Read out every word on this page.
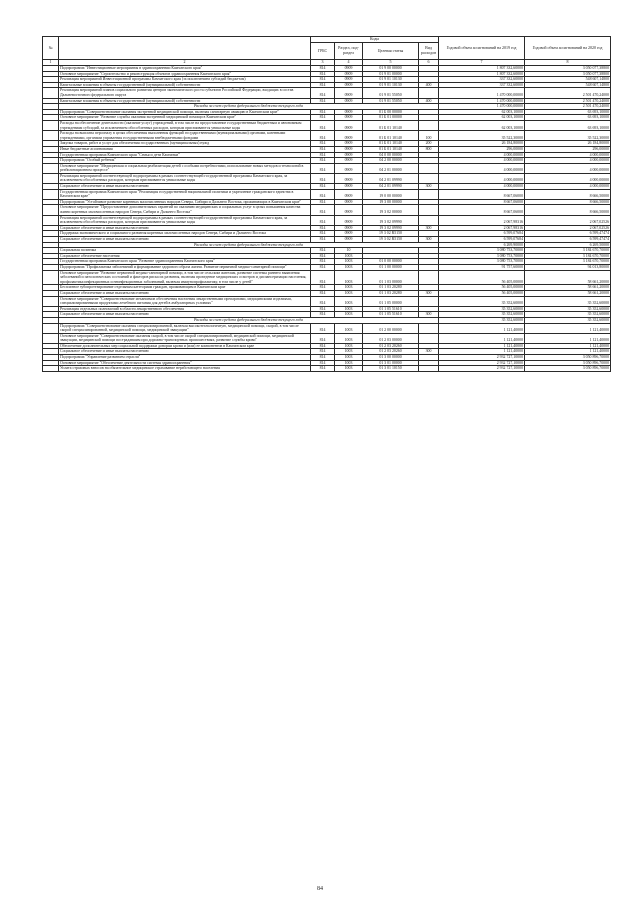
№		Коды				Годовой объем ассигнований на 2019 год	Годовой объем ассигнований на 2020 год
		ГРБС	Раздел, под-раздел	Целевая статья	Вид расходов		
1	2	3	4	5	6	7	8
	Подпрограмма "Инвестиционные мероприятия в здравоохранении Камчатского края"	814	0909	01 9 00 00000		1 807 332,60000	3 050 077,38800
	Основное мероприятие "Строительство и реконструкция объектов здравоохранения Камчатского края"	814	0909	01 9 01 00000		1 807 332,60000	3 050 077,38800
	Реализация мероприятий Инвестиционной программы Камчатского края (за исключением субсидий бюджетам)	814	0909	01 9 01 10130		337 332,60000	548 607,14800
	Капитальные вложения в объекты государственной (муниципальной) собственности	814	0909	01 9 01 10130	400	337 332,60000	548 607,14800
	Реализация мероприятий планов социального развития центров экономического роста субъектов Российской Федерации, входящих в состав Дальневосточного федерального округа	814	0909	01 9 01 55050		1 470 000,00000	2 501 470,24000
	Капитальные вложения в объекты государственной (муниципальной) собственности	814	0909	01 9 01 55050	400	1 470 000,00000	2 501 470,24000
	Расходы за счет средств федерального бюджета текущего года					1 470 000,00000	2 501 470,24000
	Подпрограмма "Совершенствование оказания экстренной медицинской помощи, включая санитарную авиацию в Камчатском крае"	814	0909	01 Б 00 00000		62 003,10000	63 693,10000
	Основное мероприятие "Развитие службы оказания экстренной медицинской помощи в Камчатском крае"	814	0909	01 Б 01 00000		62 003,10000	63 693,10000
	Расходы на обеспечение деятельности (оказание услуг) учреждений, в том числе на предоставление государственным бюджетным и автономным учреждениям субсидий, за исключением обособленных расходов, которым присваиваются уникальные коды	814	0909	01 Б 01 10140		62 003,10000	63 693,10000
	Расходы на выплаты персоналу в целях обеспечения выполнения функций государственными (муниципальными) органами, казенными учреждениями, органами управления государственными внебюджетными фондами	814	0909	01 Б 01 10140	100	35 522,30000	35 522,30000
	Закупка товаров, работ и услуг для обеспечения государственных (муниципальных) нужд	814	0909	01 Б 01 10140	200	26 184,80000	26 184,80000
	Иные бюджетные ассигнования	814	0909	01 Б 01 10140	800	296,00000	296,00000
	Государственная программа Камчатского края "Семья и дети Камчатки"	814	0909	04 0 00 00000		4 000,00000	4 000,00000
	Подпрограмма "Особый ребенок"	814	0909	04 2 00 00000		4 000,00000	4 000,00000
	Основное мероприятие "Медицинская и социальная реабилитация детей с особыми потребностями, использование новых методов и технологий в реабилитационном процессе"	814	0909	04 2 01 00000		4 000,00000	4 000,00000
	Реализация мероприятий соответствующей подпрограммы в рамках соответствующей государственной программы Камчатского края, за исключением обособленных расходов, которым присваиваются уникальные коды	814	0909	04 2 01 09990		4 000,00000	4 000,00000
	Социальное обеспечение и иные выплаты населению	814	0909	04 2 01 09990	300	4 000,00000	4 000,00000
	Государственная программа Камчатского края "Реализация государственной национальной политики и укрепление гражданского единства в Камчатском крае"	814	0909	19 0 00 00000		8 667,06000	8 666,50000
	Подпрограмма "Устойчивое развитие коренных малочисленных народов Севера, Сибири и Дальнего Востока, проживающих в Камчатском крае"	814	0909	19 3 00 00000		8 667,06000	8 666,50000
	Основное мероприятие "Предоставление дополнительных гарантий по оказанию медицинских и социальных услуг в целях повышения качества жизни коренных малочисленных народов Севера, Сибири и Дальнего Востока"	814	0909	19 3 02 00000		8 667,06000	8 666,50000
	Реализация мероприятий соответствующей подпрограммы в рамках соответствующей государственной программы Камчатского края, за исключением обособленных расходов, которым присваиваются уникальные коды	814	0909	19 3 02 09990		2 067,98316	2 067,02526
	Социальное обеспечение и иные выплаты населению	814	0909	19 3 02 09990	300	2 067,98316	2 067,02526
	Поддержка экономического и социального развития коренных малочисленных народов Севера, Сибири и Дальнего Востока	814	0909	19 3 02 R5150		6 599,07684	6 599,47474
	Социальное обеспечение и иные выплаты населению	814	0909	19 3 02 R5150	300	6 599,07684	6 599,47474
	Расходы за счет средств федерального бюджета текущего года					6 269,90000	6 269,50000
	Социальная политика	814	10			3 080 753,70000	3 184 670,70000
	Социальное обеспечение населения	814	1003			3 080 753,70000	3 184 670,70000
	Государственная программа Камчатского края "Развитие здравоохранения Камчатского края"	814	1003	01 0 00 00000		3 080 753,70000	3 184 670,70000
	Подпрограмма "Профилактика заболеваний и формирование здорового образа жизни. Развитие первичной медико-санитарной помощи"	814	1003	01 1 00 00000		91 757,60000	94 013,80000
	Основное мероприятие "Развитие первичной медико-санитарной помощи, в том числе сельским жителям, развитие системы раннего выявления заболеваний и патологических состояний и факторов риска их развития, включая проведение медицинских осмотров и диспансеризации населения, профилактика инфекционных и неинфекционных заболеваний, включая иммунопрофилактику, в том числе у детей"	814	1003	01 1 03 00000		56 405,00000	58 661,20000
	Бесплатное зубопротезирование отдельным категориям граждан, проживающим в Камчатском крае	814	1003	01 1 03 20280		56 405,00000	58 661,20000
	Социальное обеспечение и иные выплаты населению	814	1003	01 1 03 20280	300	56 405,00000	58 661,20000
	Основное мероприятие "Совершенствование механизмов обеспечения населения лекарственными препаратами, медицинскими изделиями, специализированными продуктами лечебного питания для детей в амбулаторных условиях"	814	1003	01 1 05 00000		35 352,60000	35 352,60000
	Реализация отдельных полномочий в области лекарственного обеспечения	814	1003	01 1 05 51610		35 352,60000	35 352,60000
	Социальное обеспечение и иные выплаты населению	814	1003	01 1 05 51610	300	35 352,60000	35 352,60000
	Расходы за счет средств федерального бюджета текущего года					35 352,60000	35 352,60000
	Подпрограмма "Совершенствование оказания специализированной, включая высокотехнологичную, медицинской помощи, скорой, в том числе скорой специализированной, медицинской помощи, медицинской эвакуации"	814	1003	01 2 00 00000		1 121,40000	1 121,40000
	Основное мероприятие "Совершенствование оказания скорой, в том числе скорой специализированной, медицинской помощи, медицинской эвакуации, медицинской помощи пострадавшим при дорожно-транспортных происшествиях, развитие службы крови"	814	1003	01 2 03 00000		1 121,40000	1 121,40000
	Обеспечение дополнительных мер социальной поддержки донорам крови и (или) ее компонентов в Камчатском крае	814	1003	01 2 03 20260		1 121,40000	1 121,40000
	Социальное обеспечение и иные выплаты населению	814	1003	01 2 03 20260	300	1 121,40000	1 121,40000
	Подпрограмма "Управление развитием отрасли"	814	1003	01 3 00 00000		2 932 727,10000	3 050 896,70000
	Основное мероприятие "Обеспечение деятельности системы здравоохранения"	814	1003	01 3 01 00000		2 932 727,10000	3 050 896,70000
	Уплата страховых взносов на обязательное медицинское страхование неработающего населения	814	1003	01 3 01 10150		2 932 727,10000	3 050 896,70000
84
